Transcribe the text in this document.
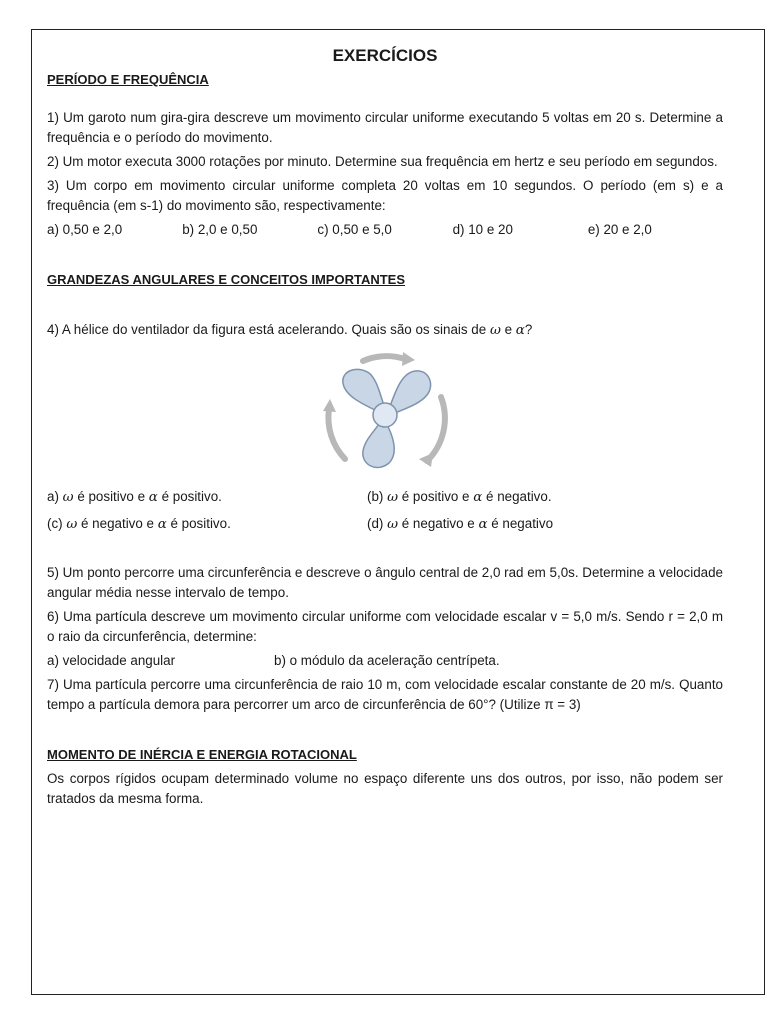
EXERCÍCIOS
PERÍODO E FREQUÊNCIA

1) Um garoto num gira-gira descreve um movimento circular uniforme executando 5 voltas em 20 s. Determine a frequência e o período do movimento.

2) Um motor executa 3000 rotações por minuto. Determine sua frequência em hertz e seu período em segundos.

3) Um corpo em movimento circular uniforme completa 20 voltas em 10 segundos. O período (em s) e a frequência (em s-1) do movimento são, respectivamente:

a) 0,50 e 2,0	b) 2,0 e 0,50	c) 0,50 e 5,0	d) 10 e 20	e) 20 e 2,0
GRANDEZAS ANGULARES E CONCEITOS IMPORTANTES

4) A hélice do ventilador da figura está acelerando. Quais são os sinais de ω e α?

a) ω é positivo e α é positivo.	(b) ω é positivo e α é negativo.
(c) ω é negativo e α é positivo.	(d) ω é negativo e α é negativo

5) Um ponto percorre uma circunferência e descreve o ângulo central de 2,0 rad em 5,0s. Determine a velocidade angular média nesse intervalo de tempo.

6) Uma partícula descreve um movimento circular uniforme com velocidade escalar v = 5,0 m/s. Sendo r = 2,0 m o raio da circunferência, determine:

a) velocidade angular	b) o módulo da aceleração centrípeta.

7) Uma partícula percorre uma circunferência de raio 10 m, com velocidade escalar constante de 20 m/s. Quanto tempo a partícula demora para percorrer um arco de circunferência de 60°? (Utilize π = 3)

MOMENTO DE INÉRCIA E ENERGIA ROTACIONAL

Os corpos rígidos ocupam determinado volume no espaço diferente uns dos outros, por isso, não podem ser tratados da mesma forma.
